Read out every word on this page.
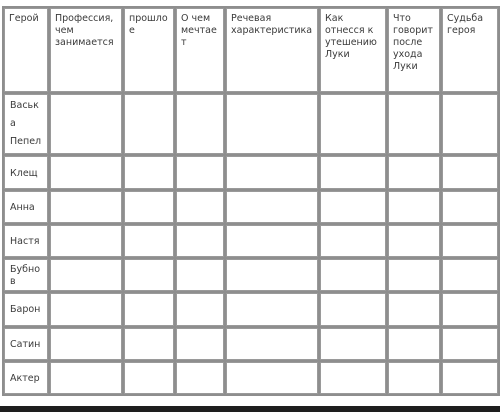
Герой	Профессия, чем занимается	прошлое	О чем мечтает	Речевая характеристика	Как отнесся к утешению Луки	Что говорит после ухода Луки	Судьба героя
Васька Пепел							
Клещ							
Анна							
Настя							
Бубнов							
Барон							
Сатин							
Актер							
